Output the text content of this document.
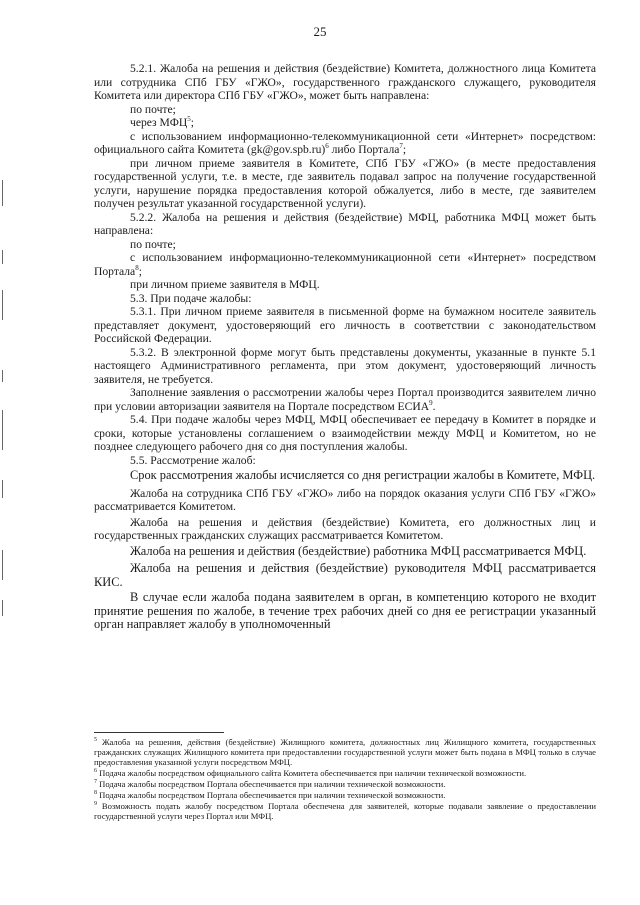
25

5.2.1. Жалоба на решения и действия (бездействие) Комитета, должностного лица Комитета или сотрудника СПб ГБУ «ГЖО», государственного гражданского служащего, руководителя Комитета или директора СПб ГБУ «ГЖО», может быть направлена:

по почте;

через МФЦ$^5$;

с использованием информационно-телекоммуникационной сети «Интернет» посредством: официального сайта Комитета (gk@gov.spb.ru)$^6$ либо Портала$^7$;

при личном приеме заявителя в Комитете, СПб ГБУ «ГЖО» (в месте предоставления государственной услуги, т.е. в месте, где заявитель подавал запрос на получение государственной услуги, нарушение порядка предоставления которой обжалуется, либо в месте, где заявителем получен результат указанной государственной услуги).

5.2.2. Жалоба на решения и действия (бездействие) МФЦ, работника МФЦ может быть направлена:

по почте;

с использованием информационно-телекоммуникационной сети «Интернет» посредством Портала$^8$;

при личном приеме заявителя в МФЦ.

5.3. При подаче жалобы:

5.3.1. При личном приеме заявителя в письменной форме на бумажном носителе заявитель представляет документ, удостоверяющий его личность в соответствии с законодательством Российской Федерации.

5.3.2. В электронной форме могут быть представлены документы, указанные в пункте 5.1 настоящего Административного регламента, при этом документ, удостоверяющий личность заявителя, не требуется.

Заполнение заявления о рассмотрении жалобы через Портал производится заявителем лично при условии авторизации заявителя на Портале посредством ЕСИА$^9$.

5.4. При подаче жалобы через МФЦ, МФЦ обеспечивает ее передачу в Комитет в порядке и сроки, которые установлены соглашением о взаимодействии между МФЦ и Комитетом, но не позднее следующего рабочего дня со дня поступления жалобы.

5.5. Рассмотрение жалоб:

Срок рассмотрения жалобы исчисляется со дня регистрации жалобы в Комитете, МФЦ.

Жалоба на сотрудника СПб ГБУ «ГЖО» либо на порядок оказания услуги СПб ГБУ «ГЖО» рассматривается Комитетом.

Жалоба на решения и действия (бездействие) Комитета, его должностных лиц и государственных гражданских служащих рассматривается Комитетом.

Жалоба на решения и действия (бездействие) работника МФЦ рассматривается МФЦ.

Жалоба на решения и действия (бездействие) руководителя МФЦ рассматривается КИС.

В случае если жалоба подана заявителем в орган, в компетенцию которого не входит принятие решения по жалобе, в течение трех рабочих дней со дня ее регистрации указанный орган направляет жалобу в уполномоченный

$^5$ Жалоба на решения, действия (бездействие) Жилищного комитета, должностных лиц Жилищного комитета, государственных гражданских служащих Жилищного комитета при предоставлении государственной услуги может быть подана в МФЦ только в случае предоставления указанной услуги посредством МФЦ.

$^6$ Подача жалобы посредством официального сайта Комитета обеспечивается при наличии технической возможности.

$^7$ Подача жалобы посредством Портала обеспечивается при наличии технической возможности.

$^8$ Подача жалобы посредством Портала обеспечивается при наличии технической возможности.

$^9$ Возможность подать жалобу посредством Портала обеспечена для заявителей, которые подавали заявление о предоставлении государственной услуги через Портал или МФЦ.
